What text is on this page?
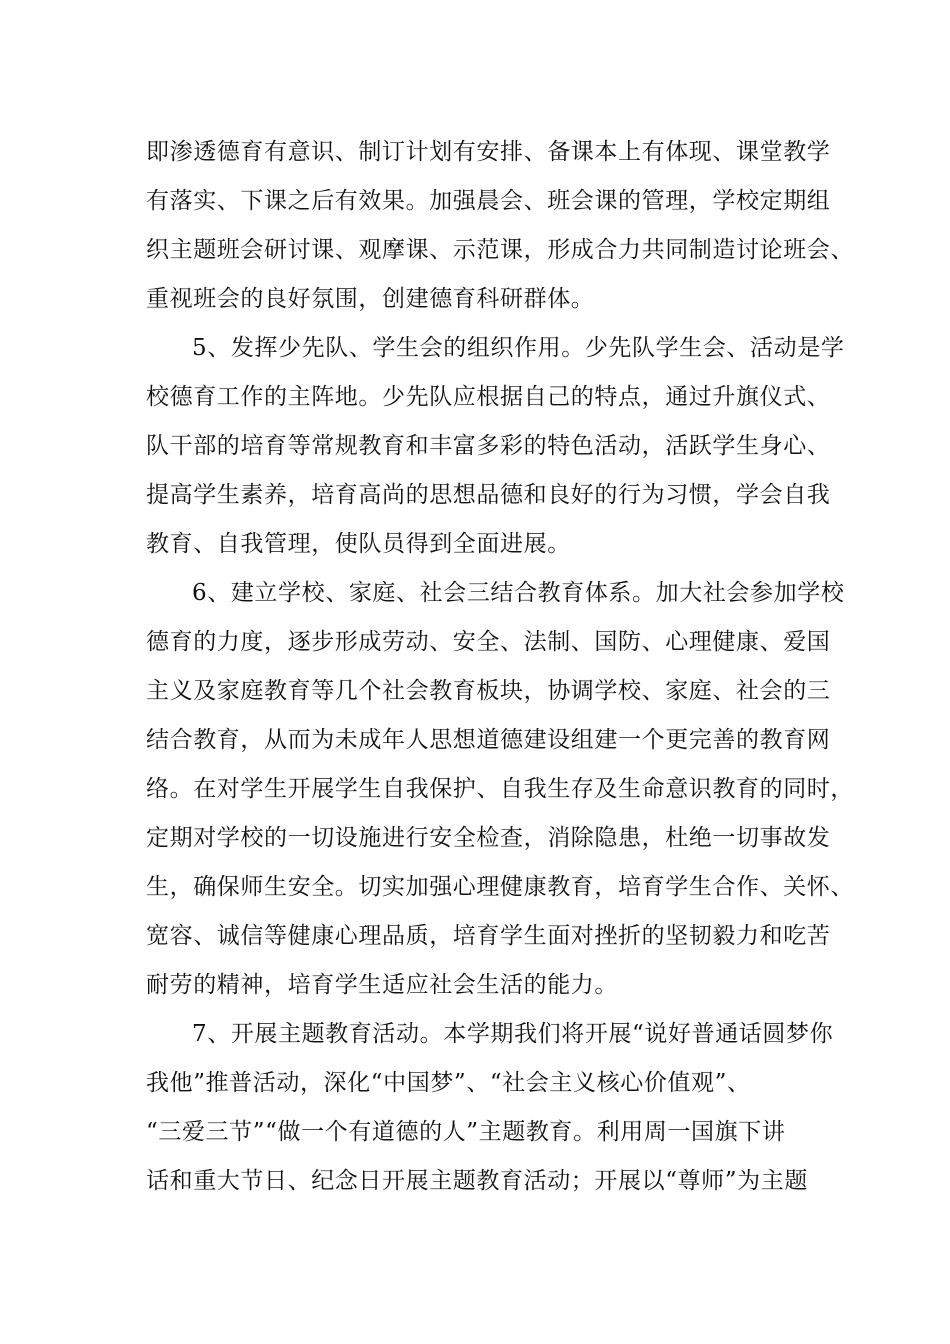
即渗透德育有意识、制订计划有安排、备课本上有体现、课堂教学
有落实、下课之后有效果。加强晨会、班会课的管理，学校定期组
织主题班会研讨课、观摩课、示范课，形成合力共同制造讨论班会、
重视班会的良好氛围，创建德育科研群体。
5、发挥少先队、学生会的组织作用。少先队学生会、活动是学
校德育工作的主阵地。少先队应根据自己的特点，通过升旗仪式、
队干部的培育等常规教育和丰富多彩的特色活动，活跃学生身心、
提高学生素养，培育高尚的思想品德和良好的行为习惯，学会自我
教育、自我管理，使队员得到全面进展。
6、建立学校、家庭、社会三结合教育体系。加大社会参加学校
德育的力度，逐步形成劳动、安全、法制、国防、心理健康、爱国
主义及家庭教育等几个社会教育板块，协调学校、家庭、社会的三
结合教育，从而为未成年人思想道德建设组建一个更完善的教育网
络。在对学生开展学生自我保护、自我生存及生命意识教育的同时，
定期对学校的一切设施进行安全检查，消除隐患，杜绝一切事故发
生，确保师生安全。切实加强心理健康教育，培育学生合作、关怀、
宽容、诚信等健康心理品质，培育学生面对挫折的坚韧毅力和吃苦
耐劳的精神，培育学生适应社会生活的能力。
7、开展主题教育活动。本学期我们将开展“说好普通话圆梦你
我他”推普活动，深化“中国梦”、“社会主义核心价值观”、
“三爱三节”“做一个有道德的人”主题教育。利用周一国旗下讲
话和重大节日、纪念日开展主题教育活动；开展以“尊师”为主题
